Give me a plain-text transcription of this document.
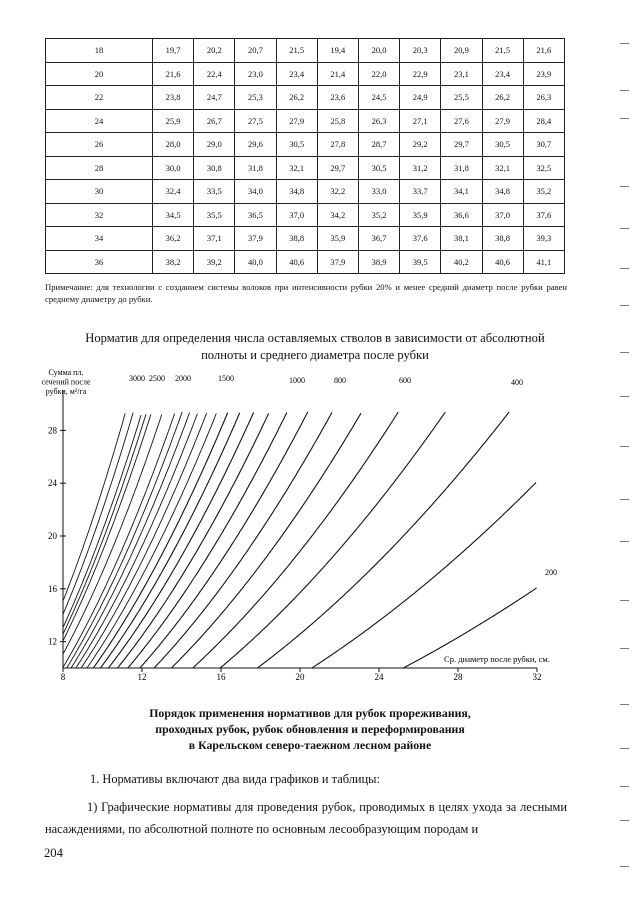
18	19,7	20,2	20,7	21,5	19,4	20,0	20,3	20,9	21,5	21,6
20	21,6	22,4	23,0	23,4	21,4	22,0	22,9	23,1	23,4	23,9
22	23,8	24,7	25,3	26,2	23,6	24,5	24,9	25,5	26,2	26,3
24	25,9	26,7	27,5	27,9	25,8	26,3	27,1	27,6	27,9	28,4
26	28,0	29,0	29,6	30,5	27,8	28,7	29,2	29,7	30,5	30,7
28	30,0	30,8	31,8	32,1	29,7	30,5	31,2	31,8	32,1	32,5
30	32,4	33,5	34,0	34,8	32,2	33,0	33,7	34,1	34,8	35,2
32	34,5	35,5	36,5	37,0	34,2	35,2	35,9	36,6	37,0	37,6
34	36,2	37,1	37,9	38,8	35,9	36,7	37,6	38,1	38,8	39,3
36	38,2	39,2	40,0	40,6	37,9	38,9	39,5	40,2	40,6	41,1
Примечание: для технологии с созданием системы волоков при интенсивности рубки 20% и менее средний диаметр после рубки равен среднему диаметру до рубки.
Норматив для определения числа оставляемых стволов в зависимости от абсолютной
полноты и среднего диаметра после рубки
8	12	16	20	24	28	32
12
16
20
24
28
Сумма пл.
сечений после
рубки, м²/га
Ср. диаметр после рубки, см.
3000 2500 2000	1500	1000	800	600	400
200
Порядок применения нормативов для рубок прореживания,
проходных рубок, рубок обновления и переформирования
в Карельском северо-таежном лесном районе
1. Нормативы включают два вида графиков и таблицы:
1) Графические нормативы для проведения рубок, проводимых в целях ухода за лесными насаждениями, по абсолютной полноте по основным лесообразующим породам и
204
